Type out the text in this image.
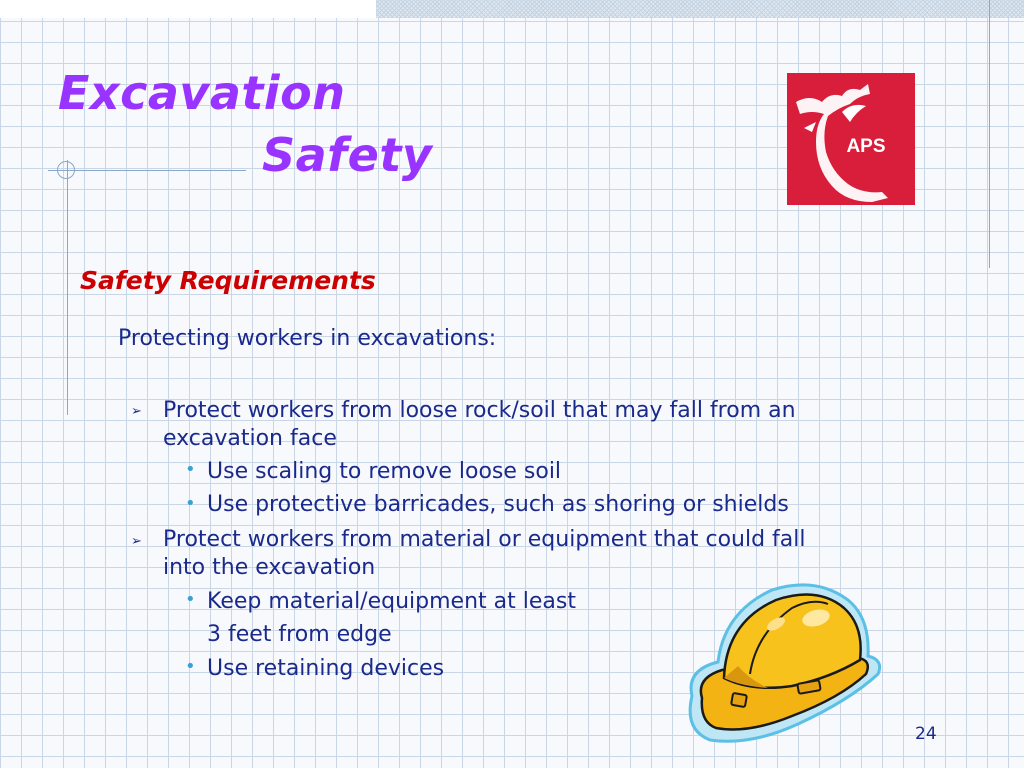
Excavation
Safety	APS
Safety Requirements

Protecting workers in excavations:

➢ Protect workers from loose rock/soil that may fall from an
excavation face
• Use scaling to remove loose soil
• Use protective barricades, such as shoring or shields
➢ Protect workers from material or equipment that could fall
into the excavation
• Keep material/equipment at least
3 feet from edge
• Use retaining devices
24
